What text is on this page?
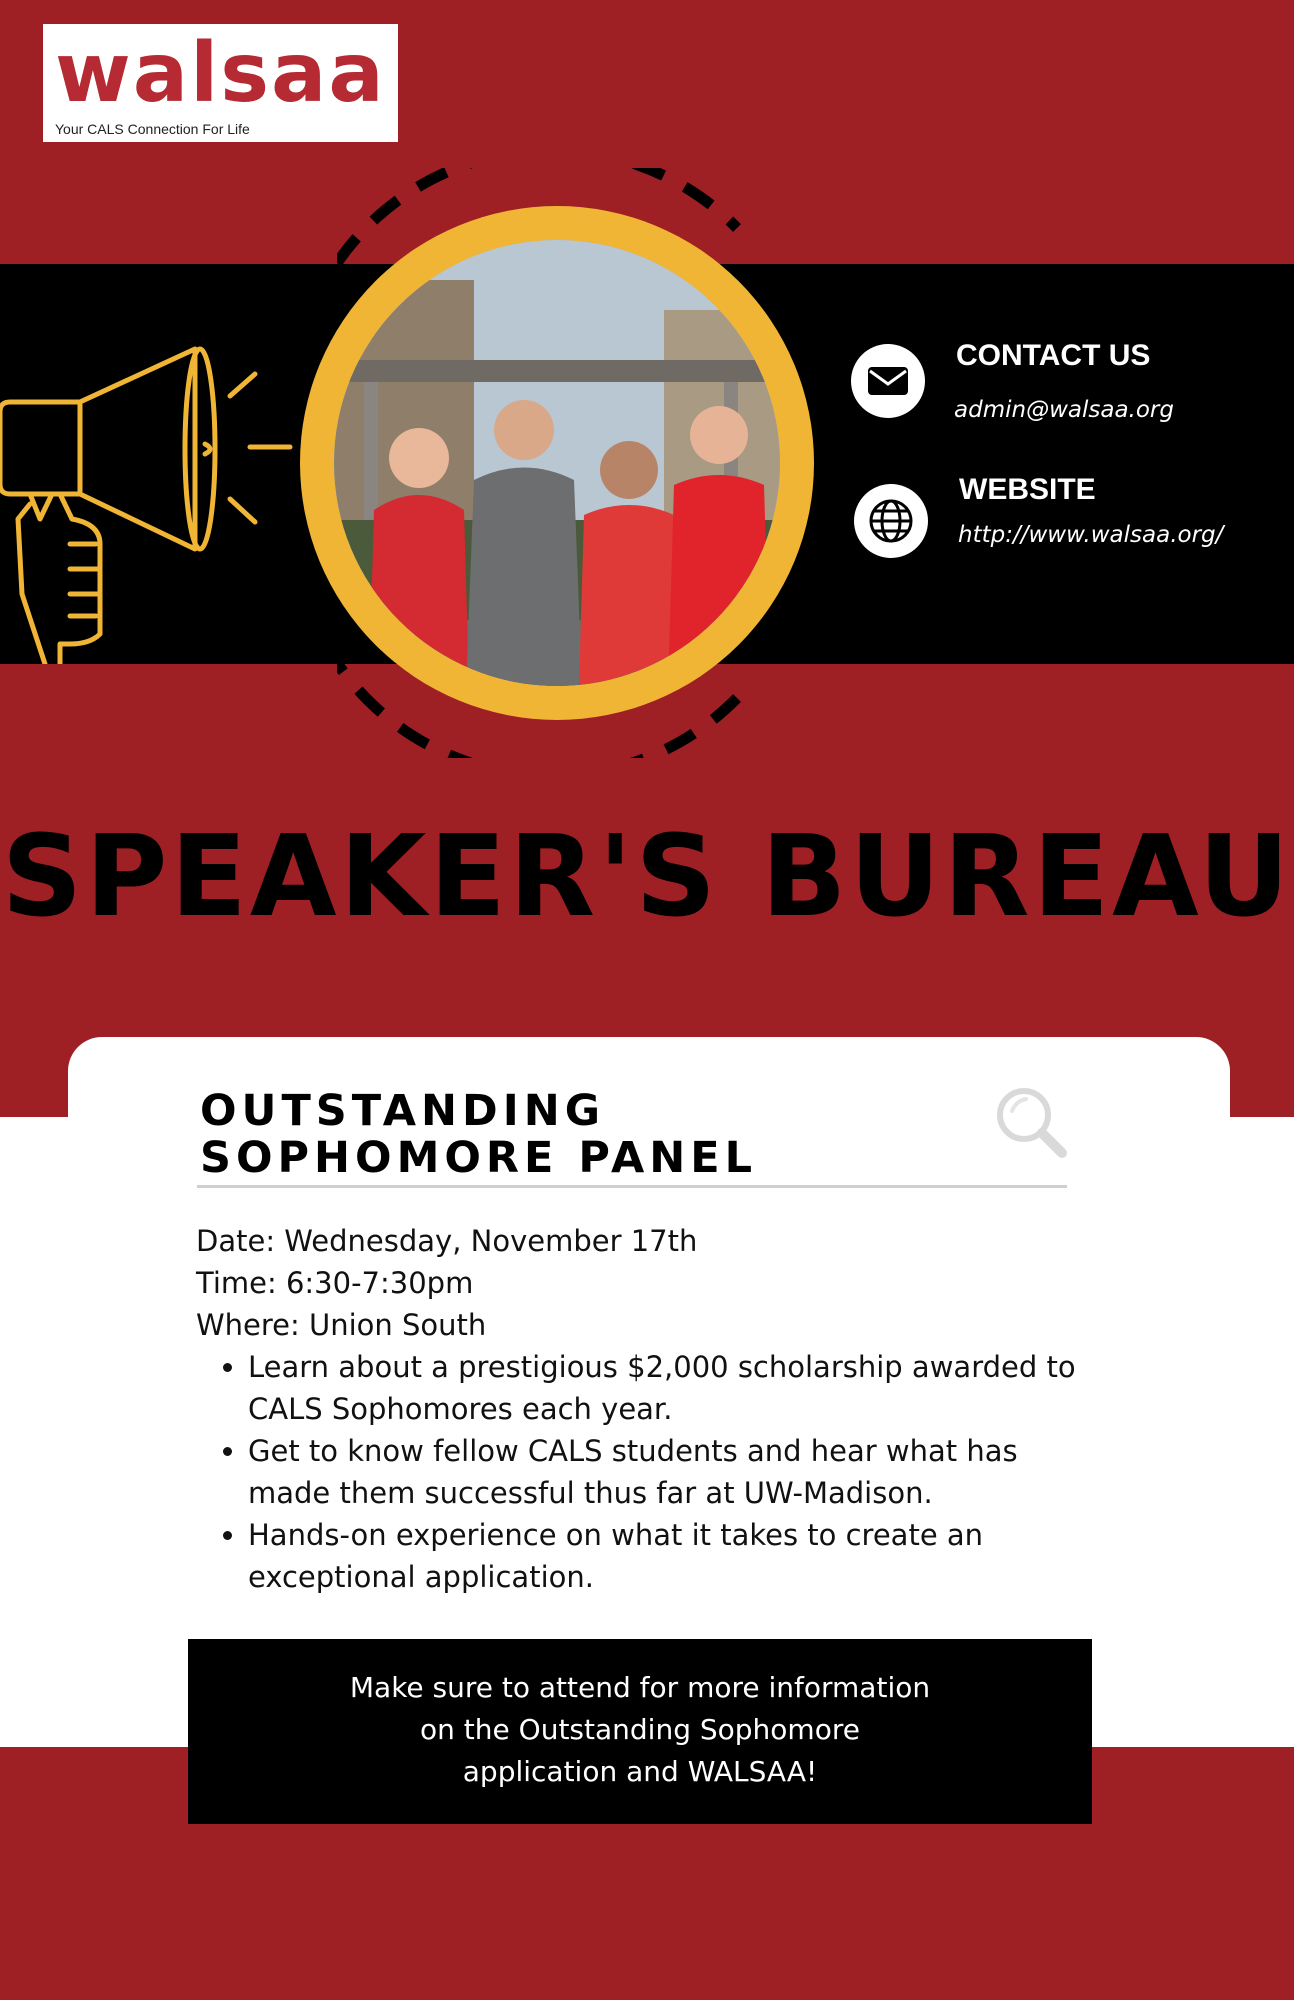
walsaa
Your CALS Connection For Life
CONTACT US
admin@walsaa.org
WEBSITE
http://www.walsaa.org/
SPEAKER'S BUREAU
OUTSTANDING
SOPHOMORE PANEL
Date: Wednesday, November 17th
Time: 6:30-7:30pm
Where: Union South
• Learn about a prestigious $2,000 scholarship awarded to CALS Sophomores each year.
• Get to know fellow CALS students and hear what has made them successful thus far at UW-Madison.
• Hands-on experience on what it takes to create an exceptional application.
Make sure to attend for more information
on the Outstanding Sophomore
application and WALSAA!
